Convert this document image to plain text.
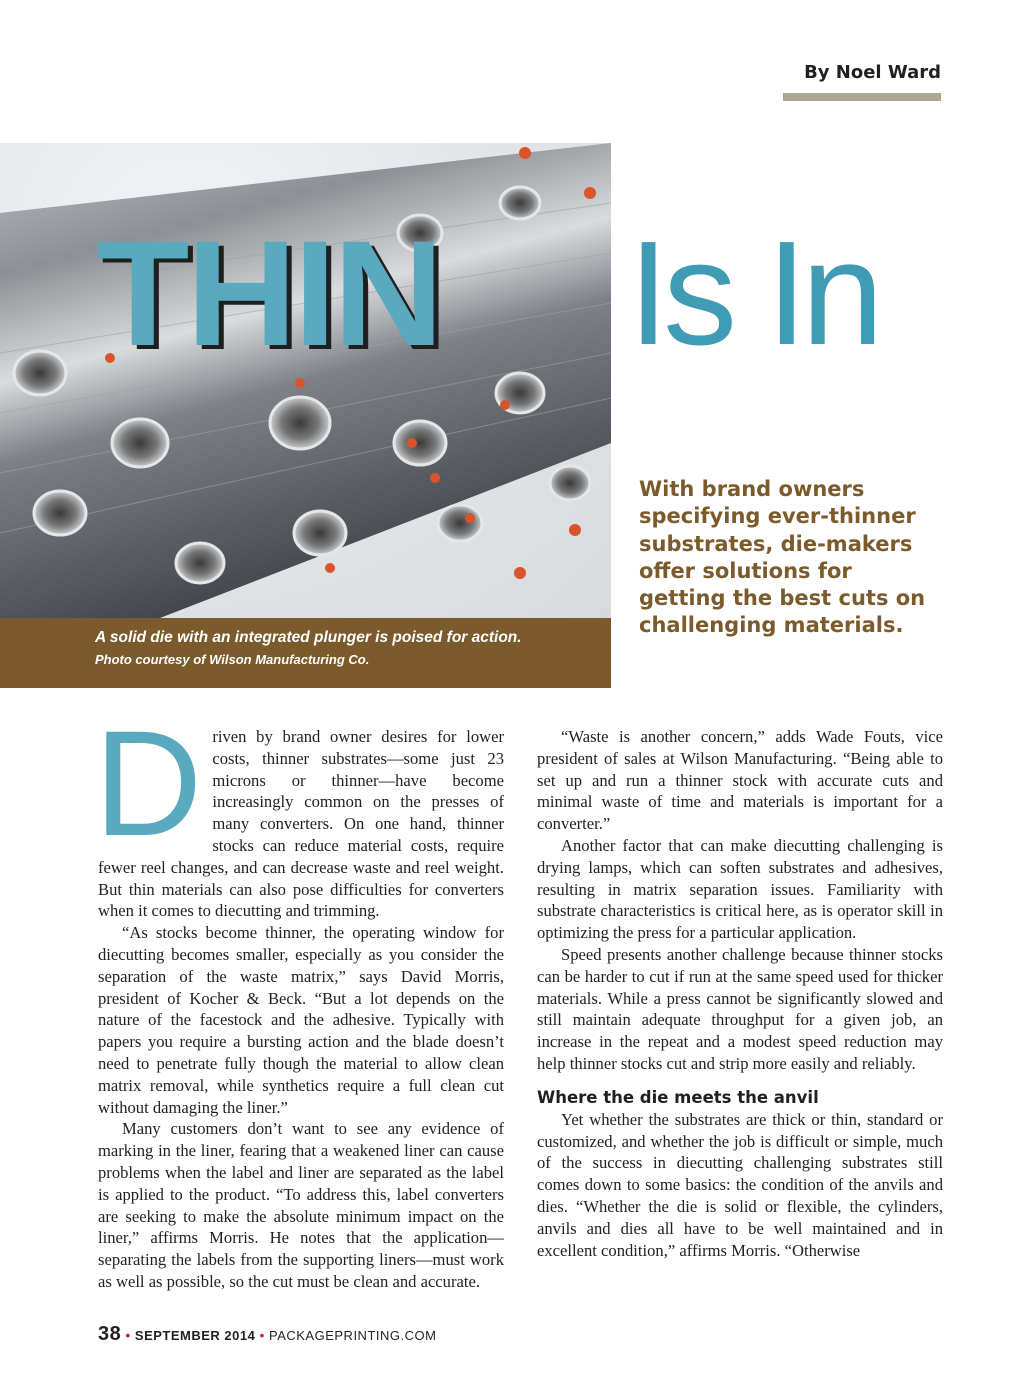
By Noel Ward
A solid die with an integrated plunger is poised for action.
Photo courtesy of Wilson Manufacturing Co.
THIN Is In

With brand owners specifying ever-thinner substrates, die-makers offer solutions for getting the best cuts on challenging materials.

Driven by brand owner desires for lower costs, thinner substrates—some just 23 microns or thinner—have become increasingly common on the presses of many converters. On one hand, thinner stocks can reduce material costs, require fewer reel changes, and can decrease waste and reel weight. But thin materials can also pose difficulties for converters when it comes to diecutting and trimming.

“As stocks become thinner, the operating window for diecutting becomes smaller, especially as you consider the separation of the waste matrix,” says David Morris, president of Kocher & Beck. “But a lot depends on the nature of the facestock and the adhesive. Typically with papers you require a bursting action and the blade doesn’t need to penetrate fully though the material to allow clean matrix removal, while synthetics require a full clean cut without damaging the liner.”

Many customers don’t want to see any evidence of marking in the liner, fearing that a weakened liner can cause problems when the label and liner are separated as the label is applied to the product. “To address this, label converters are seeking to make the absolute minimum impact on the liner,” affirms Morris. He notes that the application—separating the labels from the supporting liners—must work as well as possible, so the cut must be clean and accurate.

“Waste is another concern,” adds Wade Fouts, vice president of sales at Wilson Manufacturing. “Being able to set up and run a thinner stock with accurate cuts and minimal waste of time and materials is important for a converter.”

Another factor that can make diecutting challenging is drying lamps, which can soften substrates and adhesives, resulting in matrix separation issues. Familiarity with substrate characteristics is critical here, as is operator skill in optimizing the press for a particular application.

Speed presents another challenge because thinner stocks can be harder to cut if run at the same speed used for thicker materials. While a press cannot be significantly slowed and still maintain adequate throughput for a given job, an increase in the repeat and a modest speed reduction may help thinner stocks cut and strip more easily and reliably.

Where the die meets the anvil

Yet whether the substrates are thick or thin, standard or customized, and whether the job is difficult or simple, much of the success in diecutting challenging substrates still comes down to some basics: the condition of the anvils and dies. “Whether the die is solid or flexible, the cylinders, anvils and dies all have to be well maintained and in excellent condition,” affirms Morris. “Otherwise

38 • SEPTEMBER 2014 • PACKAGEPRINTING.COM
